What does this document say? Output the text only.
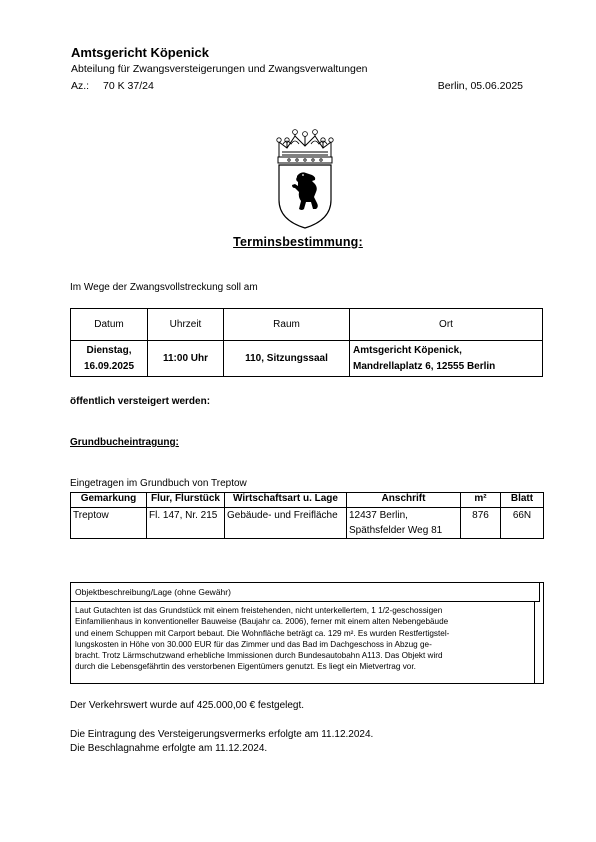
Amtsgericht Köpenick
Abteilung für Zwangsversteigerungen und Zwangsverwaltungen
Az.: 70 K 37/24	Berlin, 05.06.2025
Terminsbestimmung:
Im Wege der Zwangsvollstreckung soll am
Datum	Uhrzeit	Raum	Ort
Dienstag,
16.09.2025	11:00 Uhr	110, Sitzungssaal	Amtsgericht Köpenick,
Mandrellaplatz 6, 12555 Berlin
öffentlich versteigert werden:
Grundbucheintragung:
Eingetragen im Grundbuch von Treptow
Gemarkung	Flur, Flurstück	Wirtschaftsart u. Lage	Anschrift	m²	Blatt
Treptow	Fl. 147, Nr. 215	Gebäude- und Freifläche	12437 Berlin,
Späthsfelder Weg 81	876	66N
Objektbeschreibung/Lage (ohne Gewähr)
Laut Gutachten ist das Grundstück mit einem freistehenden, nicht unterkellertem, 1 1/2-geschossigen
Einfamilienhaus in konventioneller Bauweise (Baujahr ca. 2006), ferner mit einem alten Nebengebäude
und einem Schuppen mit Carport bebaut. Die Wohnfläche beträgt ca. 129 m². Es wurden Restfertigstel-
lungskosten in Höhe von 30.000 EUR für das Zimmer und das Bad im Dachgeschoss in Abzug ge-
bracht. Trotz Lärmschutzwand erhebliche Immissionen durch Bundesautobahn A113. Das Objekt wird
durch die Lebensgefährtin des verstorbenen Eigentümers genutzt. Es liegt ein Mietvertrag vor.
Der Verkehrswert wurde auf 425.000,00 € festgelegt.
Die Eintragung des Versteigerungsvermerks erfolgte am 11.12.2024.
Die Beschlagnahme erfolgte am 11.12.2024.
